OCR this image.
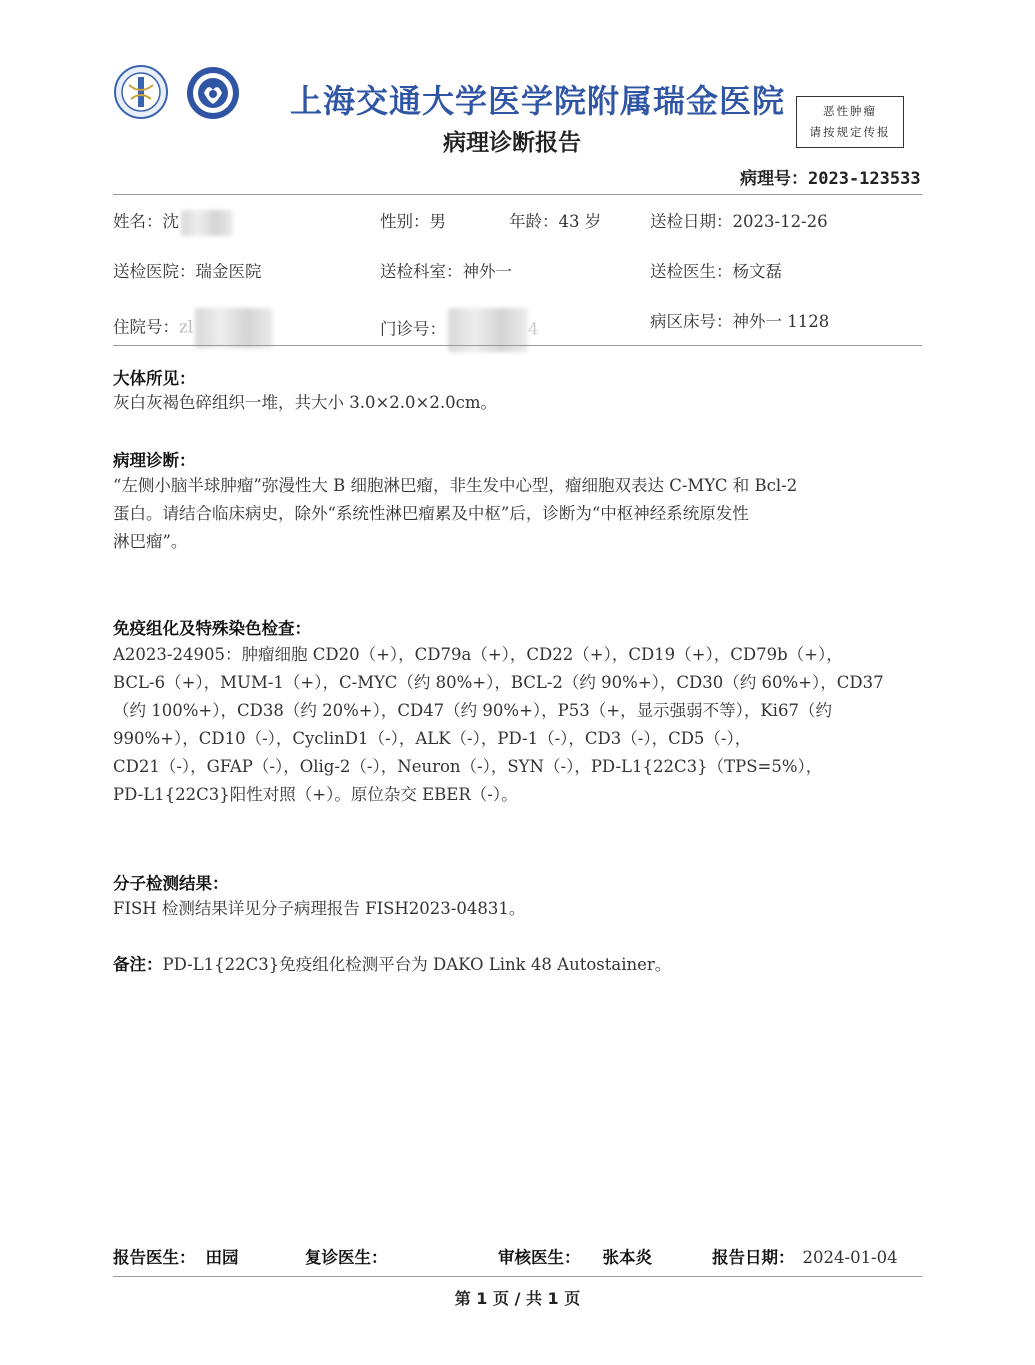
上海交通大学医学院附属瑞金医院
病理诊断报告
恶性肿瘤
请按规定传报
病理号：2023-123533
姓名：沈	性别：男	年龄：43 岁	送检日期：2023-12-26
送检医院：瑞金医院	送检科室：神外一	送检医生：杨文磊
住院号：zl	门诊号：	4	病区床号：神外一 1128
大体所见：
灰白灰褐色碎组织一堆，共大小 3.0×2.0×2.0cm。
病理诊断：
“左侧小脑半球肿瘤”弥漫性大 B 细胞淋巴瘤，非生发中心型，瘤细胞双表达 C-MYC 和 Bcl-2
蛋白。请结合临床病史，除外“系统性淋巴瘤累及中枢”后，诊断为“中枢神经系统原发性
淋巴瘤”。
免疫组化及特殊染色检查：
A2023-24905：肿瘤细胞 CD20（+），CD79a（+），CD22（+），CD19（+），CD79b（+），
BCL-6（+），MUM-1（+），C-MYC（约 80%+），BCL-2（约 90%+），CD30（约 60%+），CD37
（约 100%+），CD38（约 20%+），CD47（约 90%+），P53（+，显示强弱不等），Ki67（约
990%+），CD10（-），CyclinD1（-），ALK（-），PD-1（-），CD3（-），CD5（-），
CD21（-），GFAP（-），Olig-2（-），Neuron（-），SYN（-），PD-L1{22C3}（TPS=5%），
PD-L1{22C3}阳性对照（+）。原位杂交 EBER（-）。
分子检测结果：
FISH 检测结果详见分子病理报告 FISH2023-04831。
备注：PD-L1{22C3}免疫组化检测平台为 DAKO Link 48 Autostainer。
报告医生： 田园	复诊医生：	审核医生： 张本炎	报告日期： 2024-01-04
第 1 页 / 共 1 页
